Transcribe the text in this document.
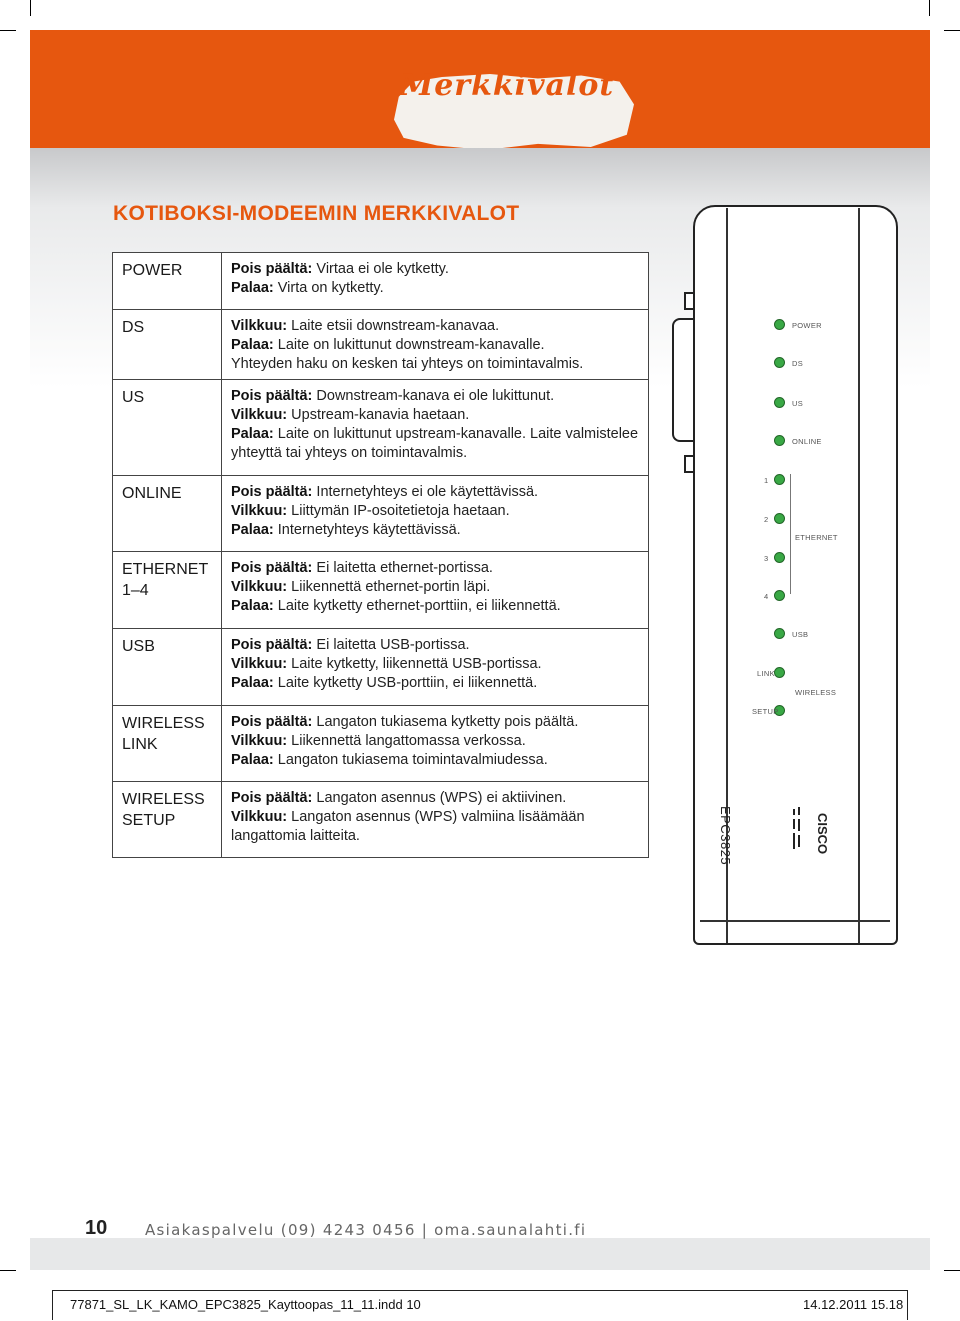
Merkkivalot
KOTIBOKSI-MODEEMIN MERKKIVALOT
POWER	Pois päältä: Virtaa ei ole kytketty.
Palaa: Virta on kytketty.

DS	Vilkkuu: Laite etsii downstream-kanavaa.
Palaa: Laite on lukittunut downstream-kanavalle.
Yhteyden haku on kesken tai yhteys on toimintavalmis.

US	Pois päältä: Downstream-kanava ei ole lukittunut.
Vilkkuu: Upstream-kanavia haetaan.
Palaa: Laite on lukittunut upstream-kanavalle. Laite valmistelee yhteyttä tai yhteys on toimintavalmis.

ONLINE	Pois päältä: Internetyhteys ei ole käytettävissä.
Vilkkuu: Liittymän IP-osoitetietoja haetaan.
Palaa: Internetyhteys käytettävissä.

ETHERNET 1–4	Pois päältä: Ei laitetta ethernet-portissa.
Vilkkuu: Liikennettä ethernet-portin läpi.
Palaa: Laite kytketty ethernet-porttiin, ei liikennettä.

USB	Pois päältä: Ei laitetta USB-portissa.
Vilkkuu: Laite kytketty, liikennettä USB-portissa.
Palaa: Laite kytketty USB-porttiin, ei liikennettä.

WIRELESS LINK	Pois päältä: Langaton tukiasema kytketty pois päältä.
Vilkkuu: Liikennettä langattomassa verkossa.
Palaa: Langaton tukiasema toimintavalmiudessa.

WIRELESS SETUP	Pois päältä: Langaton asennus (WPS) ei aktiivinen.
Vilkkuu: Langaton asennus (WPS) valmiina lisäämään langattomia laitteita.
POWER
DS
US
ONLINE
1
2
ETHERNET
3
4
USB
LINK
WIRELESS
SETUP
EPC3825	CISCO
10	Asiakaspalvelu (09) 4243 0456 | oma.saunalahti.fi
77871_SL_LK_KAMO_EPC3825_Kayttoopas_11_11.indd 10	14.12.2011 15.18
